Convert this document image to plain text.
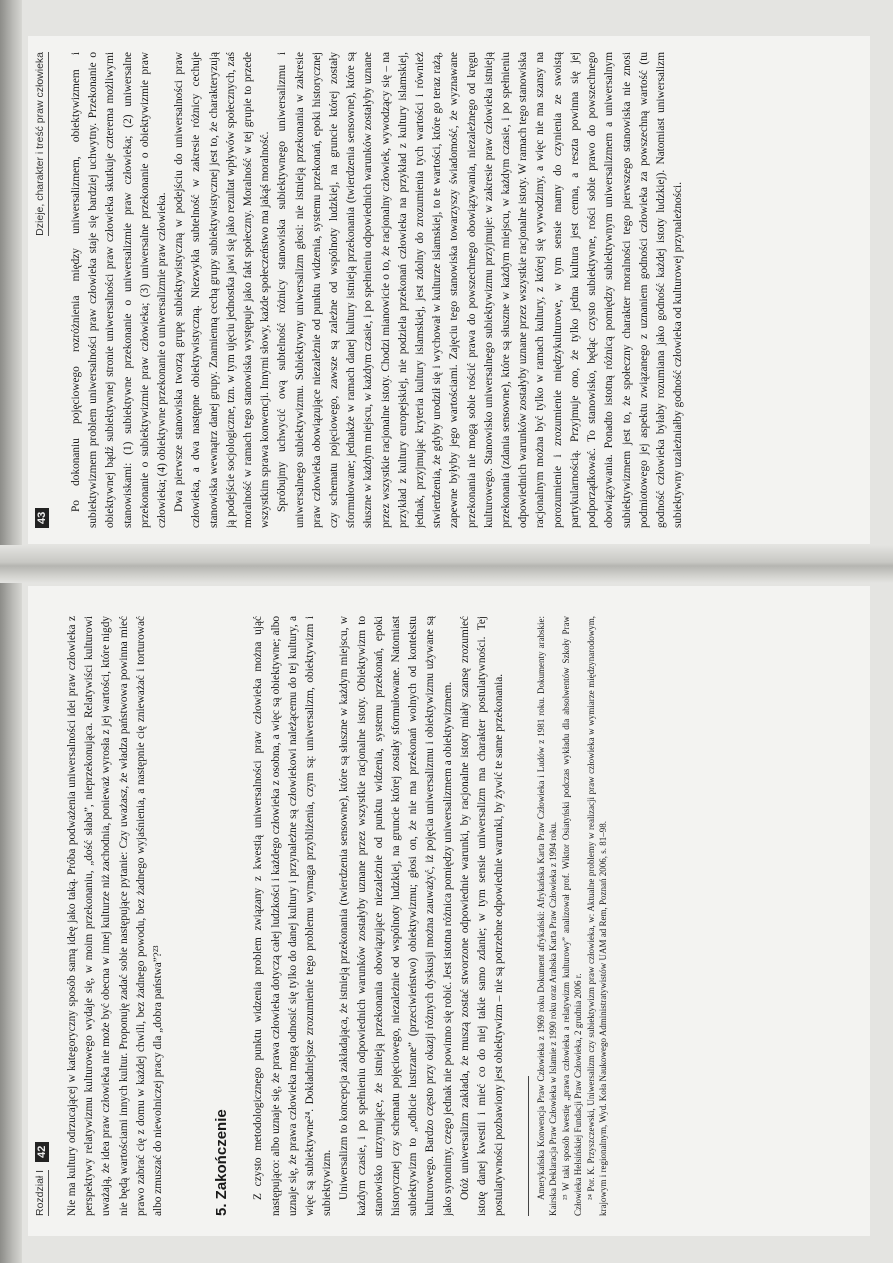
43
Dzieje, charakter i treść praw człowieka Po dokonaniu pojęciowego rozróżnienia między uniwersalizmem, obiektywizmem i subiektywizmem problem uniwersalności praw człowieka staje się bardziej uchwytny. Przekonanie o obiektywnej bądź subiektywnej stronie uniwersalności praw człowieka skutkuje czterema możliwymi stanowiskami: (1) subiektywne przekonanie o uniwersalizmie praw człowieka; (2) uniwersalne przekonanie o subiektywizmie praw człowieka; (3) uniwersalne przekonanie o obiektywizmie praw człowieka; (4) obiektywne przekonanie o uniwersalizmie praw człowieka. Dwa pierwsze stanowiska tworzą grupę subiektywistyczną w podejściu do uniwersalności praw człowieka, a dwa następne obiektywistyczną. Niezwykła subtelność w zakresie różnicy cechuje stanowiska wewnątrz danej grupy. Znamienną cechą grupy subiektywistycznej jest to, że charakteryzują ją podejście socjologiczne, tzn. w tym ujęciu jednostka jawi się jako rezultat wpływów społecznych, zaś moralność w ramach tego stanowiska występuje jako fakt społeczny. Moralność w tej grupie to przede wszystkim sprawa konwencji. Innymi słowy, każde społeczeństwo ma jakąś moralność. Spróbujmy uchwycić ową subtelność różnicy stanowiska subiektywnego uniwersalizmu i uniwersalnego subiektywizmu. Subiektywny uniwersalizm głosi: nie istnieją przekonania w zakresie praw człowieka obowiązujące niezależnie od punktu widzenia, systemu przekonań, epoki historycznej czy schematu pojęciowego, zawsze są zależne od wspólnoty ludzkiej, na gruncie której zostały sformułowane; jednakże w ramach danej kultury istnieją przekonania (twierdzenia sensowne), które są słuszne w każdym miejscu, w każdym czasie, i po spełnieniu odpowiednich warunków zostałyby uznane przez wszystkie racjonalne istoty. Chodzi mianowicie o to, że racjonalny człowiek, wywodzący się – na przykład z kultury europejskiej, nie podziela przekonań człowieka na przykład z kultury islamskiej, jednak, przyjmując kryteria kultury islamskiej, jest zdolny do zrozumienia tych wartości i również stwierdzenia, że gdyby urodził się i wychował w kulturze islamskiej, to te wartości, które go teraz rażą, zapewne byłyby jego wartościami. Zajęciu tego stanowiska towarzyszy świadomość, że wyznawane przekonania nie mogą sobie rościć prawa do powszechnego obowiązywania, niezależnego od kręgu kulturowego. Stanowisko uniwersalnego subiektywizmu przyjmuje: w zakresie praw człowieka istnieją przekonania (zdania sensowne), które są słuszne w każdym miejscu, w każdym czasie, i po spełnieniu odpowiednich warunków zostałyby uznane przez wszystkie racjonalne istoty. W ramach tego stanowiska racjonalnym można być tylko w ramach kultury, z której się wywodzimy, a więc nie ma szansy na porozumienie i zrozumienie międzykulturowe, w tym sensie mamy do czynienia ze swoistą partykularnością. Przyjmuje ono, że tylko jedna kultura jest cenna, a reszta powinna się jej podporządkować. To stanowisko, będąc czysto subiektywne, rości sobie prawo do powszechnego obowiązywania. Ponadto istotną różnicą pomiędzy subiektywnym uniwersalizmem a uniwersalnym subiektywizmem jest to, że społeczny charakter moralności tego pierwszego stanowiska nie znosi podmiotowego jej aspektu związanego z uznaniem godności człowieka za powszechną wartość (tu godność człowieka byłaby rozumiana jako godność każdej istoty ludzkiej). Natomiast uniwersalizm subiektywny uzależniałby godność człowieka od kulturowej przynależności.

Rozdział I
42 Nie ma kultury odrzucającej w kategoryczny sposób samą ideę jako taką. Próba podważenia uniwersalności idei praw człowieka z perspektywy relatywizmu kulturowego wydaje się, w moim przekonaniu, „dość słaba”, nieprzekonująca. Relatywiści kulturowi uważają, że idea praw człowieka nie może być obecna w innej kulturze niż zachodnia, ponieważ wyrosła z jej wartości, które nigdy nie będą wartościami innych kultur. Proponuję zadać sobie następujące pytanie: Czy uważasz, że władza państwowa powinna mieć prawo zabrać cię z domu w każdej chwili, bez żadnego powodu, bez żadnego wyjaśnienia, a następnie cię znieważać i torturować albo zmuszać do niewolniczej pracy dla „dobra państwa”?²³	5. Zakończenie Z czysto metodologicznego punktu widzenia problem związany z kwestią uniwersalności praw człowieka można ująć następująco: albo uznaje się, że prawa człowieka dotyczą całej ludzkości i każdego człowieka z osobna, a więc są obiektywne; albo uznaje się, że prawa człowieka mogą odnosić się tylko do danej kultury i przynależne są człowiekowi należącemu do tej kultury, a więc są subiektywne²⁴. Dokładniejsze zrozumienie tego problemu wymaga przybliżenia, czym są: uniwersalizm, obiektywizm i subiektywizm. Uniwersalizm to koncepcja zakładająca, że istnieją przekonania (twierdzenia sensowne), które są słuszne w każdym miejscu, w każdym czasie, i po spełnieniu odpowiednich warunków zostałyby uznane przez wszystkie racjonalne istoty. Obiektywizm to stanowisko utrzymujące, że istnieją przekonania obowiązujące niezależnie od punktu widzenia, systemu przekonań, epoki historycznej czy schematu pojęciowego, niezależnie od wspólnoty ludzkiej, na gruncie której zostały sformułowane. Natomiast subiektywizm to „odbicie lustrzane” (przeciwieństwo) obiektywizmu; głosi on, że nie ma przekonań wolnych od kontekstu kulturowego. Bardzo często przy okazji różnych dyskusji można zauważyć, iż pojęcia uniwersalizmu i obiektywizmu używane są jako synonimy, czego jednak nie powinno się robić. Jest istotna różnica pomiędzy uniwersalizmem a obiektywizmem. Otóż uniwersalizm zakłada, że muszą zostać stworzone odpowiednie warunki, by racjonalne istoty miały szansę zrozumieć istotę danej kwestii i mieć co do niej takie samo zdanie; w tym sensie uniwersalizm ma charakter postulatywności. Tej postulatywności pozbawiony jest obiektywizm – nie są potrzebne odpowiednie warunki, by żywić te same przekonania.	Amerykańska Konwencja Praw Człowieka z 1969 roku Dokument afrykański: Afrykańska Karta Praw Człowieka i Ludów z 1981 roku. Dokumenty arabskie: Kairska Deklaracja Praw Człowieka w Islamie z 1990 roku oraz Arabska Karta Praw Człowieka z 1994 roku. ²³ W taki sposób kwestię „prawa człowieka a relatywizm kulturowy” analizował prof. Wiktor Osiatyński podczas wykładu dla absolwentów Szkoły Praw Człowieka Helsińskiej Fundacji Praw Człowieka, 2 grudnia 2006 r. ²⁴ Por. K. Przyszczewski, Uniwersalizm czy subiektywizm praw człowieka, w: Aktualne problemy w realizacji praw człowieka w wymiarze międzynarodowym, krajowym i regionalnym, Wyd. Koła Naukowego Administratywistów UAM ad Rem, Poznań 2006, s. 81–98.
